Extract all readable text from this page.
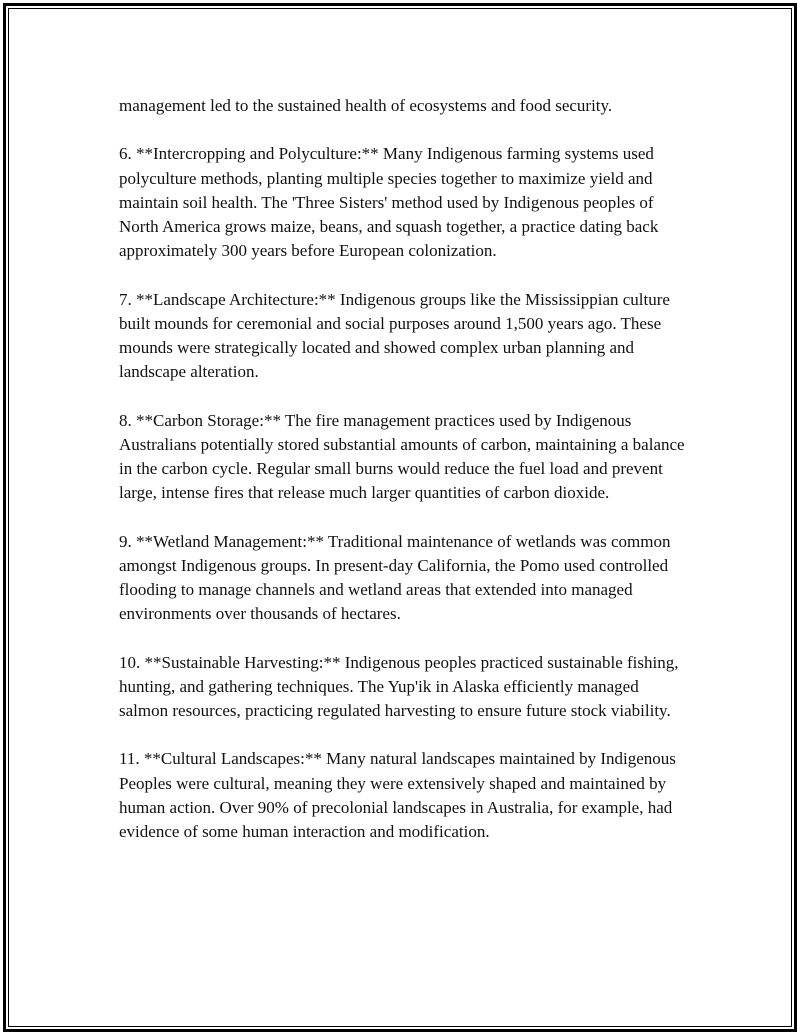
management led to the sustained health of ecosystems and food security.

6. **Intercropping and Polyculture:** Many Indigenous farming systems used polyculture methods, planting multiple species together to maximize yield and maintain soil health. The 'Three Sisters' method used by Indigenous peoples of North America grows maize, beans, and squash together, a practice dating back approximately 300 years before European colonization.

7. **Landscape Architecture:** Indigenous groups like the Mississippian culture built mounds for ceremonial and social purposes around 1,500 years ago. These mounds were strategically located and showed complex urban planning and landscape alteration.

8. **Carbon Storage:** The fire management practices used by Indigenous Australians potentially stored substantial amounts of carbon, maintaining a balance in the carbon cycle. Regular small burns would reduce the fuel load and prevent large, intense fires that release much larger quantities of carbon dioxide.

9. **Wetland Management:** Traditional maintenance of wetlands was common amongst Indigenous groups. In present-day California, the Pomo used controlled flooding to manage channels and wetland areas that extended into managed environments over thousands of hectares.

10. **Sustainable Harvesting:** Indigenous peoples practiced sustainable fishing, hunting, and gathering techniques. The Yup'ik in Alaska efficiently managed salmon resources, practicing regulated harvesting to ensure future stock viability.

11. **Cultural Landscapes:** Many natural landscapes maintained by Indigenous Peoples were cultural, meaning they were extensively shaped and maintained by human action. Over 90% of precolonial landscapes in Australia, for example, had evidence of some human interaction and modification.
